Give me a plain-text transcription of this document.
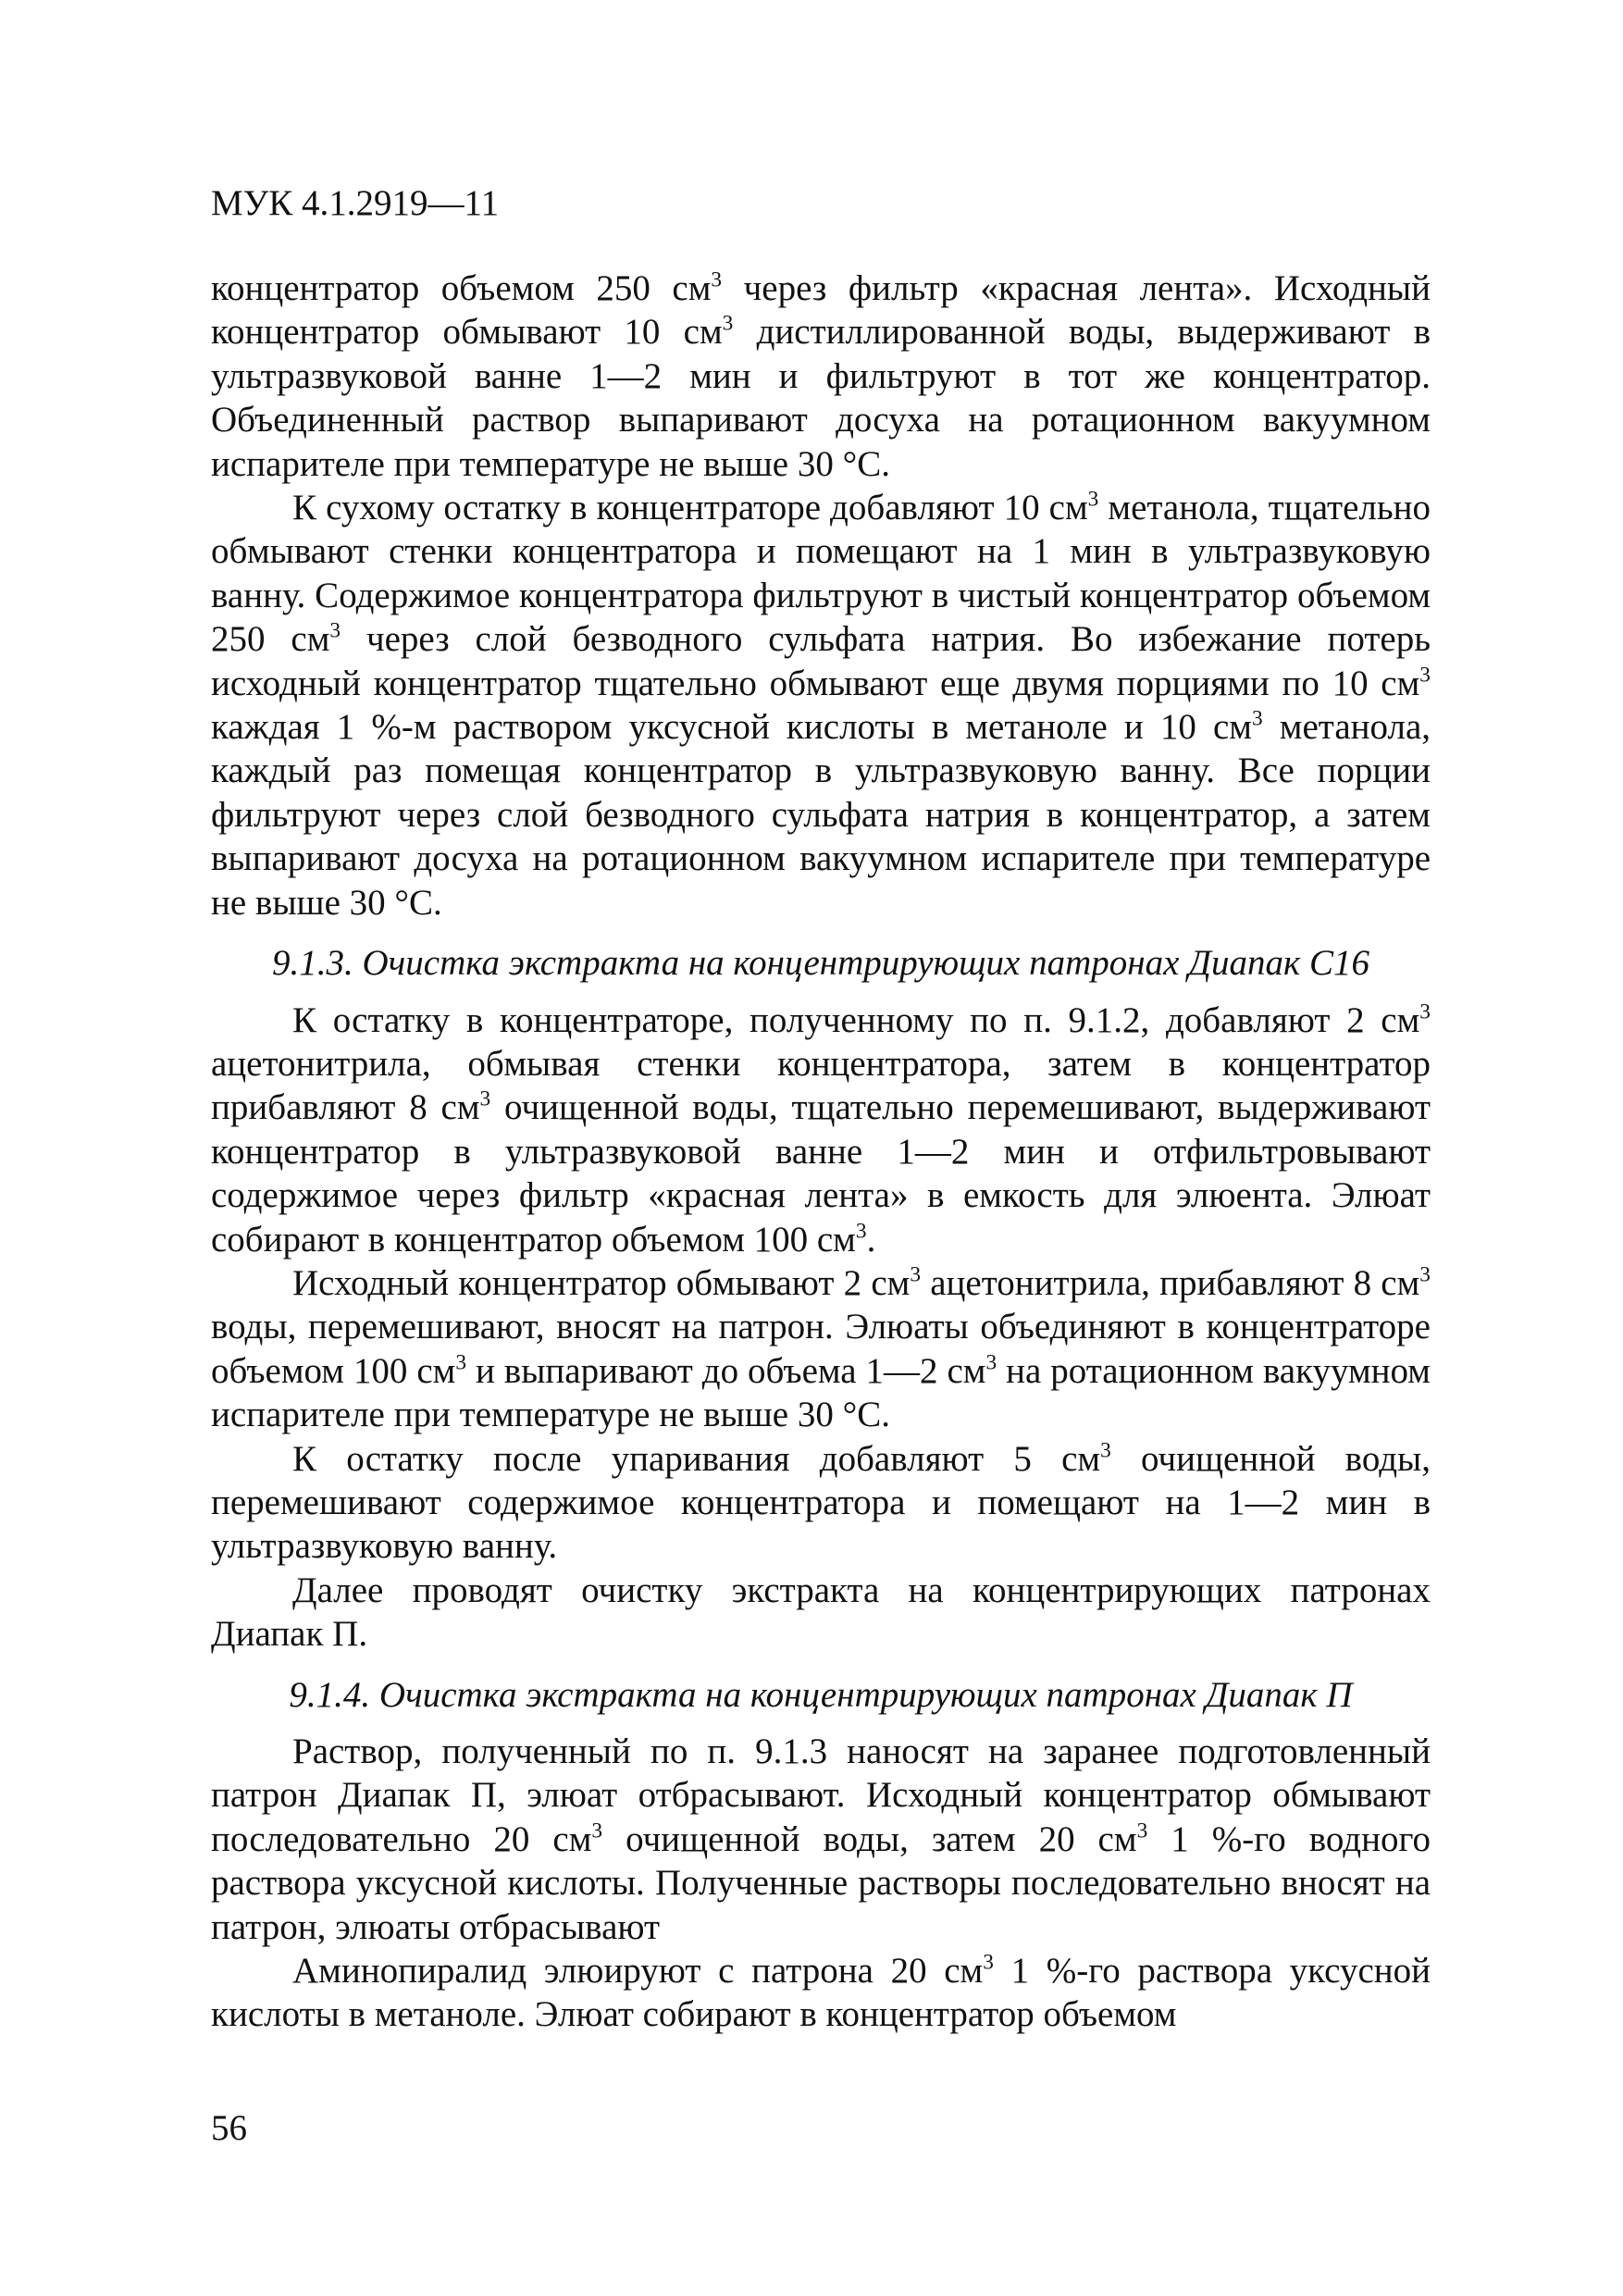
МУК 4.1.2919—11

концентратор объемом 250 $см^3$ через фильтр «красная лента». Исходный концентратор обмывают 10 $см^3$ дистиллированной воды, выдерживают в ультразвуковой ванне 1—2 мин и фильтруют в тот же концентратор. Объединенный раствор выпаривают досуха на ротационном вакуумном испарителе при температуре не выше 30 °С.

К сухому остатку в концентраторе добавляют 10 $см^3$ метанола, тщательно обмывают стенки концентратора и помещают на 1 мин в ультразвуковую ванну. Содержимое концентратора фильтруют в чистый концентратор объемом 250 $см^3$ через слой безводного сульфата натрия. Во избежание потерь исходный концентратор тщательно обмывают еще двумя порциями по 10 $см^3$ каждая 1 %-м раствором уксусной кислоты в метаноле и 10 $см^3$ метанола, каждый раз помещая концентратор в ультразвуковую ванну. Все порции фильтруют через слой безводного сульфата натрия в концентратор, а затем выпаривают досуха на ротационном вакуумном испарителе при температуре не выше 30 °С.

9.1.3. Очистка экстракта на концентрирующих патронах Диапак С16

К остатку в концентраторе, полученному по п. 9.1.2, добавляют 2 $см^3$ ацетонитрила, обмывая стенки концентратора, затем в концентратор прибавляют 8 $см^3$ очищенной воды, тщательно перемешивают, выдерживают концентратор в ультразвуковой ванне 1—2 мин и отфильтровывают содержимое через фильтр «красная лента» в емкость для элюента. Элюат собирают в концентратор объемом 100 $см^3$.

Исходный концентратор обмывают 2 $см^3$ ацетонитрила, прибавляют 8 $см^3$ воды, перемешивают, вносят на патрон. Элюаты объединяют в концентраторе объемом 100 $см^3$ и выпаривают до объема 1—2 $см^3$ на ротационном вакуумном испарителе при температуре не выше 30 °С.

К остатку после упаривания добавляют 5 $см^3$ очищенной воды, перемешивают содержимое концентратора и помещают на 1—2 мин в ультразвуковую ванну.

Далее проводят очистку экстракта на концентрирующих патронах Диапак П.

9.1.4. Очистка экстракта на концентрирующих патронах Диапак П

Раствор, полученный по п. 9.1.3 наносят на заранее подготовленный патрон Диапак П, элюат отбрасывают. Исходный концентратор обмывают последовательно 20 $см^3$ очищенной воды, затем 20 $см^3$ 1 %-го водного раствора уксусной кислоты. Полученные растворы последовательно вносят на патрон, элюаты отбрасывают

Аминопиралид элюируют с патрона 20 $см^3$ 1 %-го раствора уксусной кислоты в метаноле. Элюат собирают в концентратор объемом

56
